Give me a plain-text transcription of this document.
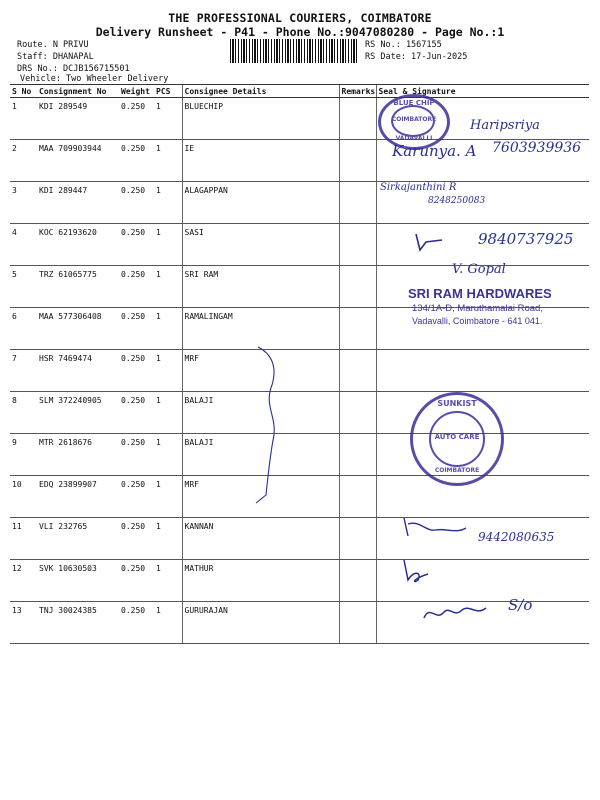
THE PROFESSIONAL COURIERS, COIMBATORE
Delivery Runsheet - P41 - Phone No.:9047080280 - Page No.:1
Route. N PRIVU
Staff: DHANAPAL
DRS No.: DCJB156715501
Vehicle: Two Wheeler Delivery
RS No.: 1567155
RS Date: 17-Jun-2025
S No	Consignment No	Weight	PCS	Consignee Details	Remarks	Seal & Signature
1	KDI 289549	0.250	1	BLUECHIP		
2	MAA 709903944	0.250	1	IE		
3	KDI 289447	0.250	1	ALAGAPPAN		
4	KOC 62193620	0.250	1	SASI		
5	TRZ 61065775	0.250	1	SRI RAM		
6	MAA 577306408	0.250	1	RAMALINGAM		
7	HSR 7469474	0.250	1	MRF		
8	SLM 372240905	0.250	1	BALAJI		
9	MTR 2618676	0.250	1	BALAJI		
10	EDQ 23899907	0.250	1	MRF		
11	VLI 232765	0.250	1	KANNAN		
12	SVK 10630503	0.250	1	MATHUR		
13	TNJ 30024385	0.250	1	GURURAJAN		
BLUE CHIP
COIMBATORE
VADAVALLI
Haripsriya
Karunya. A 7603939936
Sirkajanthini R
8248250083
9840737925
V. Gopal
SRI RAM HARDWARES
134/1A-D, Maruthamalai Road,
Vadavalli, Coimbatore - 641 041.
SUNKIST
AUTO CARE
COIMBATORE
9442080635
S/o
